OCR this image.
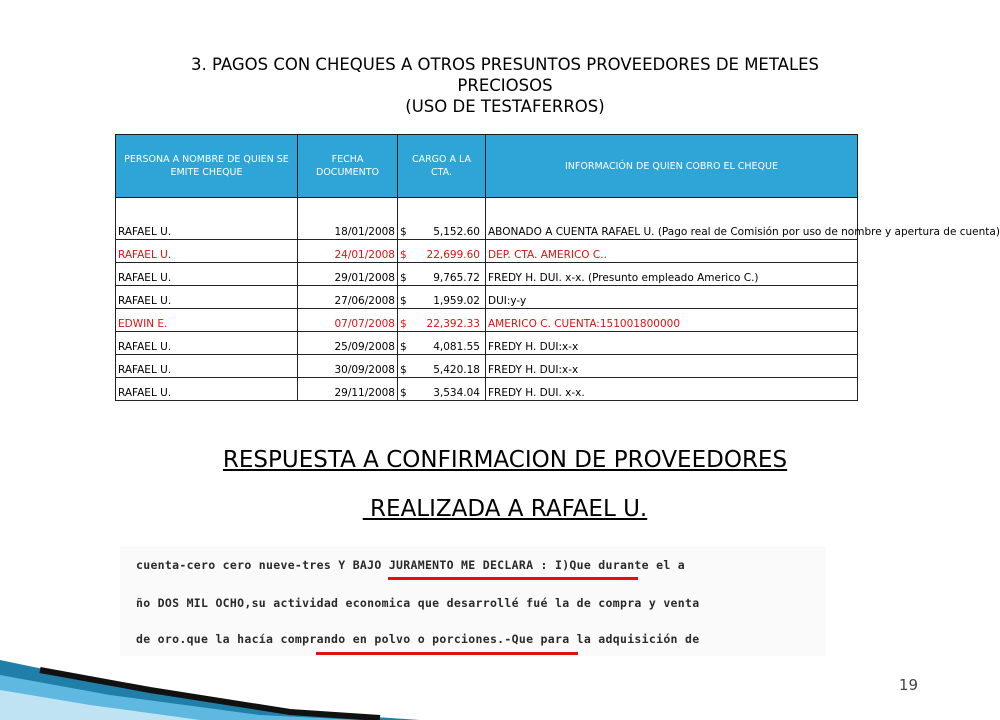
3. PAGOS CON CHEQUES A OTROS PRESUNTOS PROVEEDORES DE METALES
PRECIOSOS
(USO DE TESTAFERROS)
PERSONA A NOMBRE DE QUIEN SE EMITE CHEQUE	FECHA DOCUMENTO	CARGO A LA CTA.	INFORMACIÓN DE QUIEN COBRO EL CHEQUE
RAFAEL U.	18/01/2008	$ 5,152.60	ABONADO A CUENTA RAFAEL U. (Pago real de Comisión por uso de nombre y apertura de cuenta)
RAFAEL U.	24/01/2008	$ 22,699.60	DEP. CTA. AMERICO C..
RAFAEL U.	29/01/2008	$ 9,765.72	FREDY H. DUI. x-x. (Presunto empleado Americo C.)
RAFAEL U.	27/06/2008	$ 1,959.02	DUI:y-y
EDWIN E.	07/07/2008	$ 22,392.33	AMERICO C. CUENTA:151001800000
RAFAEL U.	25/09/2008	$ 4,081.55	FREDY H. DUI:x-x
RAFAEL U.	30/09/2008	$ 5,420.18	FREDY H. DUI:x-x
RAFAEL U.	29/11/2008	$ 3,534.04	FREDY H. DUI. x-x.
RESPUESTA A CONFIRMACION DE PROVEEDORES
REALIZADA A RAFAEL U.
cuenta-cero cero nueve-tres Y BAJO JURAMENTO ME DECLARA : I)Que durante el a
ño DOS MIL OCHO,su actividad economica que desarrollé fué la de compra y venta
de oro.que la hacía comprando en polvo o porciones.-Que para la adquisición de
19
